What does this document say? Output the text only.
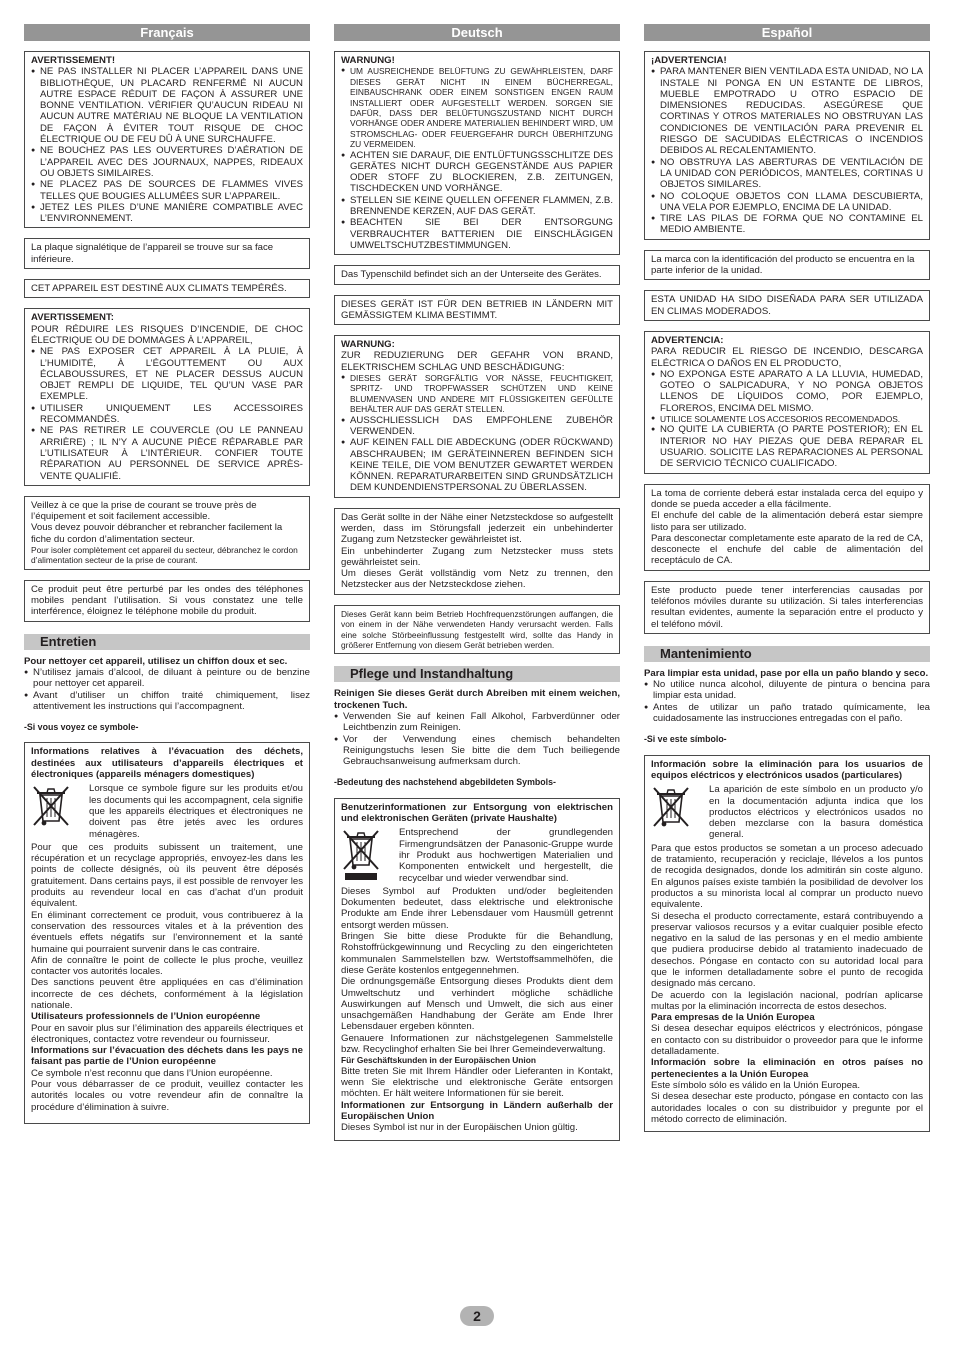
Français
AVERTISSEMENT!
● NE PAS INSTALLER NI PLACER L’APPAREIL DANS UNE BIBLIOTHÈQUE, UN PLACARD RENFERMÉ NI AUCUN AUTRE ESPACE RÉDUIT DE FAÇON À ASSURER UNE BONNE VENTILATION. VÉRIFIER QU’AUCUN RIDEAU NI AUCUN AUTRE MATÉRIAU NE BLOQUE LA VENTILATION DE FAÇON À ÉVITER TOUT RISQUE DE CHOC ÉLECTRIQUE OU DE FEU DÛ À UNE SURCHAUFFE.
● NE BOUCHEZ PAS LES OUVERTURES D’AÉRATION DE L’APPAREIL AVEC DES JOURNAUX, NAPPES, RIDEAUX OU OBJETS SIMILAIRES.
● NE PLACEZ PAS DE SOURCES DE FLAMMES VIVES TELLES QUE BOUGIES ALLUMÉES SUR L’APPAREIL.
● JETEZ LES PILES D’UNE MANIÈRE COMPATIBLE AVEC L’ENVIRONNEMENT.
La plaque signalétique de l’appareil se trouve sur sa face inférieure.
CET APPAREIL EST DESTINÉ AUX CLIMATS TEMPÉRÉS.
AVERTISSEMENT:
POUR RÉDUIRE LES RISQUES D’INCENDIE, DE CHOC ÉLECTRIQUE OU DE DOMMAGES À L’APPAREIL,
● NE PAS EXPOSER CET APPAREIL À LA PLUIE, À L’HUMIDITÉ, À L’ÉGOUTTEMENT OU AUX ÉCLABOUSSURES, ET NE PLACER DESSUS AUCUN OBJET REMPLI DE LIQUIDE, TEL QU’UN VASE PAR EXEMPLE.
● UTILISER UNIQUEMENT LES ACCESSOIRES RECOMMANDÉS.
● NE PAS RETIRER LE COUVERCLE (OU LE PANNEAU ARRIÈRE) ; IL N’Y A AUCUNE PIÈCE RÉPARABLE PAR L’UTILISATEUR À L’INTÉRIEUR. CONFIER TOUTE RÉPARATION AU PERSONNEL DE SERVICE APRÈS-VENTE QUALIFIÉ.
Veillez à ce que la prise de courant se trouve près de l’équipement et soit facilement accessible.
Vous devez pouvoir débrancher et rebrancher facilement la fiche du cordon d’alimentation secteur.
Pour isoler complètement cet appareil du secteur, débranchez le cordon d’alimentation secteur de la prise de courant.
Ce produit peut être perturbé par les ondes des téléphones mobiles pendant l’utilisation. Si vous constatez une telle interférence, éloignez le téléphone mobile du produit.
Entretien
Pour nettoyer cet appareil, utilisez un chiffon doux et sec.
● N’utilisez jamais d’alcool, de diluant à peinture ou de benzine pour nettoyer cet appareil.
● Avant d’utiliser un chiffon traité chimiquement, lisez attentivement les instructions qui l’accompagnent.
-Si vous voyez ce symbole-
Informations relatives à l’évacuation des déchets, destinées aux utilisateurs d’appareils électriques et électroniques (appareils ménagers domestiques)
Lorsque ce symbole figure sur les produits et/ou les documents qui les accompagnent, cela signifie que les appareils électriques et électroniques ne doivent pas être jetés avec les ordures ménagères.
Pour que ces produits subissent un traitement, une récupération et un recyclage appropriés, envoyez-les dans les points de collecte désignés, où ils peuvent être déposés gratuitement. Dans certains pays, il est possible de renvoyer les produits au revendeur local en cas d’achat d’un produit équivalent.
En éliminant correctement ce produit, vous contribuerez à la conservation des ressources vitales et à la prévention des éventuels effets négatifs sur l’environnement et la santé humaine qui pourraient survenir dans le cas contraire.
Afin de connaître le point de collecte le plus proche, veuillez contacter vos autorités locales.
Des sanctions peuvent être appliquées en cas d’élimination incorrecte de ces déchets, conformément à la législation nationale.
Utilisateurs professionnels de l’Union européenne
Pour en savoir plus sur l’élimination des appareils électriques et électroniques, contactez votre revendeur ou fournisseur.
Informations sur l’évacuation des déchets dans les pays ne faisant pas partie de l’Union européenne
Ce symbole n’est reconnu que dans l’Union européenne.
Pour vous débarrasser de ce produit, veuillez contacter les autorités locales ou votre revendeur afin de connaître la procédure d’élimination à suivre.
Deutsch
WARNUNG!
● UM AUSREICHENDE BELÜFTUNG ZU GEWÄHRLEISTEN, DARF DIESES GERÄT NICHT IN EINEM BÜCHERREGAL, EINBAUSCHRANK ODER EINEM SONSTIGEN ENGEN RAUM INSTALLIERT ODER AUFGESTELLT WERDEN. SORGEN SIE DAFÜR, DASS DER BELÜFTUNGSZUSTAND NICHT DURCH VORHÄNGE ODER ANDERE MATERIALIEN BEHINDERT WIRD, UM STROMSCHLAG- ODER FEUERGEFAHR DURCH ÜBERHITZUNG ZU VERMEIDEN.
● ACHTEN SIE DARAUF, DIE ENTLÜFTUNGSSCHLITZE DES GERÄTES NICHT DURCH GEGENSTÄNDE AUS PAPIER ODER STOFF ZU BLOCKIEREN, Z.B. ZEITUNGEN, TISCHDECKEN UND VORHÄNGE.
● STELLEN SIE KEINE QUELLEN OFFENER FLAMMEN, Z.B. BRENNENDE KERZEN, AUF DAS GERÄT.
● BEACHTEN SIE BEI DER ENTSORGUNG VERBRAUCHTER BATTERIEN DIE EINSCHLÄGIGEN UMWELTSCHUTZBESTIMMUNGEN.
Das Typenschild befindet sich an der Unterseite des Gerätes.
DIESES GERÄT IST FÜR DEN BETRIEB IN LÄNDERN MIT GEMÄSSIGTEM KLIMA BESTIMMT.
WARNUNG:
ZUR REDUZIERUNG DER GEFAHR VON BRAND, ELEKTRISCHEM SCHLAG UND BESCHÄDIGUNG:
● DIESES GERÄT SORGFÄLTIG VOR NÄSSE, FEUCHTIGKEIT, SPRITZ- UND TROPFWASSER SCHÜTZEN UND KEINE BLUMENVASEN UND ANDERE MIT FLÜSSIGKEITEN GEFÜLLTE BEHÄLTER AUF DAS GERÄT STELLEN.
● AUSSCHLIESSLICH DAS EMPFOHLENE ZUBEHÖR VERWENDEN.
● AUF KEINEN FALL DIE ABDECKUNG (ODER RÜCKWAND) ABSCHRAUBEN; IM GERÄTEINNEREN BEFINDEN SICH KEINE TEILE, DIE VOM BENUTZER GEWARTET WERDEN KÖNNEN. REPARATURARBEITEN SIND GRUNDSÄTZLICH DEM KUNDENDIENSTPERSONAL ZU ÜBERLASSEN.
Das Gerät sollte in der Nähe einer Netzsteckdose so aufgestellt werden, dass im Störungsfall jederzeit ein unbehinderter Zugang zum Netzstecker gewährleistet ist.
Ein unbehinderter Zugang zum Netzstecker muss stets gewährleistet sein.
Um dieses Gerät vollständig vom Netz zu trennen, den Netzstecker aus der Netzsteckdose ziehen.
Dieses Gerät kann beim Betrieb Hochfrequenzstörungen auffangen, die von einem in der Nähe verwendeten Handy verursacht werden. Falls eine solche Störbeeinflussung festgestellt wird, sollte das Handy in größerer Entfernung von diesem Gerät betrieben werden.
Pflege und Instandhaltung
Reinigen Sie dieses Gerät durch Abreiben mit einem weichen, trockenen Tuch.
● Verwenden Sie auf keinen Fall Alkohol, Farbverdünner oder Leichtbenzin zum Reinigen.
● Vor der Verwendung eines chemisch behandelten Reinigungstuchs lesen Sie bitte die dem Tuch beiliegende Gebrauchsanweisung aufmerksam durch.
-Bedeutung des nachstehend abgebildeten Symbols-
Benutzerinformationen zur Entsorgung von elektrischen und elektronischen Geräten (private Haushalte)
Entsprechend der grundlegenden Firmengrundsätzen der Panasonic-Gruppe wurde ihr Produkt aus hochwertigen Materialien und Komponenten entwickelt und hergestellt, die recycelbar und wieder verwendbar sind.
Dieses Symbol auf Produkten und/oder begleitenden Dokumenten bedeutet, dass elektrische und elektronische Produkte am Ende ihrer Lebensdauer vom Hausmüll getrennt entsorgt werden müssen.
Bringen Sie bitte diese Produkte für die Behandlung, Rohstoffrückgewinnung und Recycling zu den eingerichteten kommunalen Sammelstellen bzw. Wertstoffsammelhöfen, die diese Geräte kostenlos entgegennehmen.
Die ordnungsgemäße Entsorgung dieses Produkts dient dem Umweltschutz und verhindert mögliche schädliche Auswirkungen auf Mensch und Umwelt, die sich aus einer unsachgemäßen Handhabung der Geräte am Ende Ihrer Lebensdauer ergeben könnten.
Genauere Informationen zur nächstgelegenen Sammelstelle bzw. Recyclinghof erhalten Sie bei Ihrer Gemeindeverwaltung.
Für Geschäftskunden in der Europäischen Union
Bitte treten Sie mit Ihrem Händler oder Lieferanten in Kontakt, wenn Sie elektrische und elektronische Geräte entsorgen möchten. Er hält weitere Informationen für sie bereit.
Informationen zur Entsorgung in Ländern außerhalb der Europäischen Union
Dieses Symbol ist nur in der Europäischen Union gültig.
Español
¡ADVERTENCIA!
● PARA MANTENER BIEN VENTILADA ESTA UNIDAD, NO LA INSTALE NI PONGA EN UN ESTANTE DE LIBROS, MUEBLE EMPOTRADO U OTRO ESPACIO DE DIMENSIONES REDUCIDAS. ASEGÚRESE QUE CORTINAS Y OTROS MATERIALES NO OBSTRUYAN LAS CONDICIONES DE VENTILACIÓN PARA PREVENIR EL RIESGO DE SACUDIDAS ELÉCTRICAS O INCENDIOS DEBIDOS AL RECALENTAMIENTO.
● NO OBSTRUYA LAS ABERTURAS DE VENTILACIÓN DE LA UNIDAD CON PERIÓDICOS, MANTELES, CORTINAS U OBJETOS SIMILARES.
● NO COLOQUE OBJETOS CON LLAMA DESCUBIERTA, UNA VELA POR EJEMPLO, ENCIMA DE LA UNIDAD.
● TIRE LAS PILAS DE FORMA QUE NO CONTAMINE EL MEDIO AMBIENTE.
La marca con la identificación del producto se encuentra en la parte inferior de la unidad.
ESTA UNIDAD HA SIDO DISEÑADA PARA SER UTILIZADA EN CLIMAS MODERADOS.
ADVERTENCIA:
PARA REDUCIR EL RIESGO DE INCENDIO, DESCARGA ELÉCTRICA O DAÑOS EN EL PRODUCTO,
● NO EXPONGA ESTE APARATO A LA LLUVIA, HUMEDAD, GOTEO O SALPICADURA, Y NO PONGA OBJETOS LLENOS DE LÍQUIDOS COMO, POR EJEMPLO, FLOREROS, ENCIMA DEL MISMO.
● UTILICE SOLAMENTE LOS ACCESORIOS RECOMENDADOS.
● NO QUITE LA CUBIERTA (O PARTE POSTERIOR); EN EL INTERIOR NO HAY PIEZAS QUE DEBA REPARAR EL USUARIO. SOLICITE LAS REPARACIONES AL PERSONAL DE SERVICIO TÉCNICO CUALIFICADO.
La toma de corriente deberá estar instalada cerca del equipo y donde se pueda acceder a ella fácilmente.
El enchufe del cable de la alimentación deberá estar siempre listo para ser utilizado.
Para desconectar completamente este aparato de la red de CA, desconecte el enchufe del cable de alimentación del receptáculo de CA.
Este producto puede tener interferencias causadas por teléfonos móviles durante su utilización. Si tales interferencias resultan evidentes, aumente la separación entre el producto y el teléfono móvil.
Mantenimiento
Para limpiar esta unidad, pase por ella un paño blando y seco.
● No utilice nunca alcohol, diluyente de pintura o bencina para limpiar esta unidad.
● Antes de utilizar un paño tratado químicamente, lea cuidadosamente las instrucciones entregadas con el paño.
-Si ve este símbolo-
Información sobre la eliminación para los usuarios de equipos eléctricos y electrónicos usados (particulares)
La aparición de este símbolo en un producto y/o en la documentación adjunta indica que los productos eléctricos y electrónicos usados no deben mezclarse con la basura doméstica general.
Para que estos productos se sometan a un proceso adecuado de tratamiento, recuperación y reciclaje, llévelos a los puntos de recogida designados, donde los admitirán sin coste alguno. En algunos países existe también la posibilidad de devolver los productos a su minorista local al comprar un producto nuevo equivalente.
Si desecha el producto correctamente, estará contribuyendo a preservar valiosos recursos y a evitar cualquier posible efecto negativo en la salud de las personas y en el medio ambiente que pudiera producirse debido al tratamiento inadecuado de desechos. Póngase en contacto con su autoridad local para que le informen detalladamente sobre el punto de recogida designado más cercano.
De acuerdo con la legislación nacional, podrían aplicarse multas por la eliminación incorrecta de estos desechos.
Para empresas de la Unión Europea
Si desea desechar equipos eléctricos y electrónicos, póngase en contacto con su distribuidor o proveedor para que le informe detalladamente.
Información sobre la eliminación en otros países no pertenecientes a la Unión Europea
Este símbolo sólo es válido en la Unión Europea.
Si desea desechar este producto, póngase en contacto con las autoridades locales o con su distribuidor y pregunte por el método correcto de eliminación.
2
